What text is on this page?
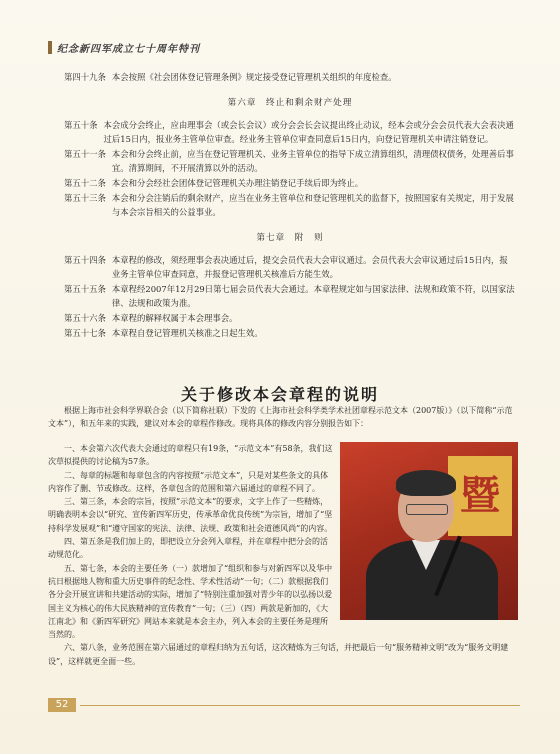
纪念新四军成立七十周年特刊
第四十九条 本会按照《社会团体登记管理条例》规定接受登记管理机关组织的年度检查。
第六章　终止和剩余财产处理
第五十条 本会成分会终止，应由理事会（或会长会议）或分会会长会议提出终止动议，经本会或分会会员代表大会表决通过后15日内，报业务主管单位审查。经业务主管单位审查同意后15日内，向登记管理机关申请注销登记。
第五十一条 本会和分会终止前，应当在登记管理机关、业务主管单位的指导下成立清算组织，清理债权债务，处理善后事宜。清算期间，不开展清算以外的活动。
第五十二条 本会和分会经社会团体登记管理机关办理注销登记手续后即为终止。
第五十三条 本会和分会注销后的剩余财产，应当在业务主管单位和登记管理机关的监督下，按照国家有关规定，用于发展与本会宗旨相关的公益事业。
第七章　附　则
第五十四条 本章程的修改，须经理事会表决通过后，提交会员代表大会审议通过。会员代表大会审议通过后15日内，报业务主管单位审查同意，并报登记管理机关核准后方能生效。
第五十五条 本章程经2007年12月29日第七届会员代表大会通过。本章程规定如与国家法律、法规和政策不符，以国家法律、法规和政策为准。
第五十六条 本章程的解释权属于本会理事会。
第五十七条 本章程自登记管理机关核准之日起生效。
关于修改本会章程的说明
根据上海市社会科学界联合会（以下简称社联）下发的《上海市社会科学类学术社团章程示范文本（2007版）》（以下简称“示范文本”），和五年来的实践，建议对本会的章程作修改。现将具体的修改内容分别报告如下：
暨

一、本会第六次代表大会通过的章程只有19条，“示范文本”有58条，我们这次草拟提供的讨论稿为57条。

二、每章的标题和每章包含的内容按照“示范文本”，只是对某些条文的具体内容作了删、节或修改。这样，各章包含的范围和第六届通过的章程不同了。

三、第三条，本会的宗旨，按照“示范文本”的要求，文字上作了一些精炼，明确表明本会以“研究、宣传新四军历史，传承革命优良传统”为宗旨，增加了“坚持科学发展观”和“遵守国家的宪法、法律、法规、政策和社会道德风尚”的内容。

四、第五条是我们加上的，即把设立分会列入章程，并在章程中把分会的活动规范化。

五、第七条，本会的主要任务（一）款增加了“组织和参与对新四军以及华中抗日根据地人物和重大历史事件的纪念性、学术性活动”一句；（二）款根据我们各分会开展宣讲和共建活动的实际，增加了“特别注重加强对青少年的以弘扬以爱国主义为核心的伟大民族精神的宣传教育”一句；（三）（四）两款是新加的，《大江南北》和《新四军研究》网站本来就是本会主办，列入本会的主要任务是理所当然的。

六、第八条，业务范围在第六届通过的章程归纳为五句话，这次精炼为三句话，并把最后一句“服务精神文明”改为“服务文明建设”，这样就更全面一些。

52
